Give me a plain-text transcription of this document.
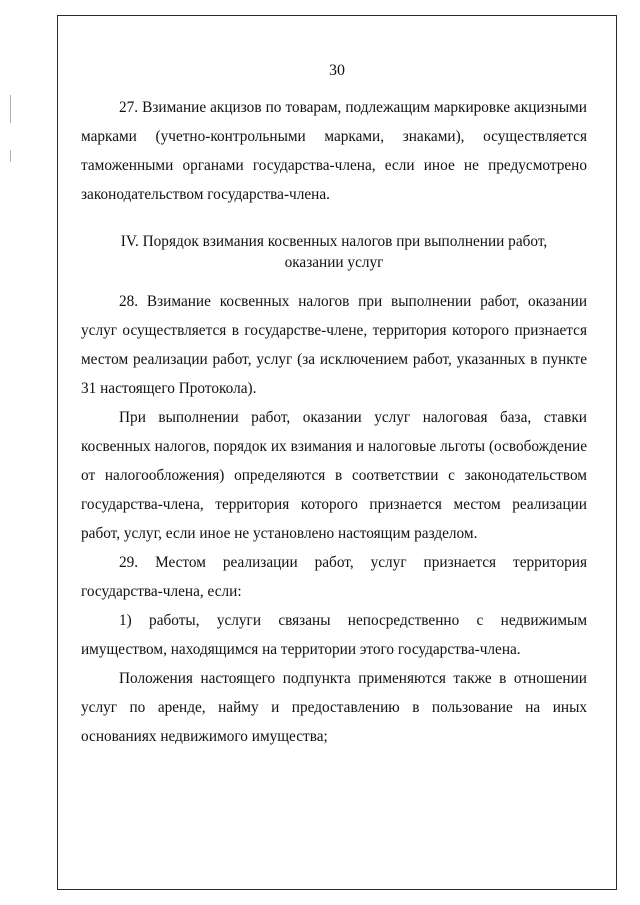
30

27. Взимание акцизов по товарам, подлежащим маркировке акцизными марками (учетно-контрольными марками, знаками), осуществляется таможенными органами государства-члена, если иное не предусмотрено законодательством государства-члена.

IV. Порядок взимания косвенных налогов при выполнении работ,

оказании услуг

28. Взимание косвенных налогов при выполнении работ, оказании услуг осуществляется в государстве-члене, территория которого признается местом реализации работ, услуг (за исключением работ, указанных в пункте 31 настоящего Протокола).

При выполнении работ, оказании услуг налоговая база, ставки косвенных налогов, порядок их взимания и налоговые льготы (освобождение от налогообложения) определяются в соответствии с законодательством государства-члена, территория которого признается местом реализации работ, услуг, если иное не установлено настоящим разделом.

29. Местом реализации работ, услуг признается территория государства-члена, если:

1) работы, услуги связаны непосредственно с недвижимым имуществом, находящимся на территории этого государства-члена.

Положения настоящего подпункта применяются также в отношении услуг по аренде, найму и предоставлению в пользование на иных основаниях недвижимого имущества;
